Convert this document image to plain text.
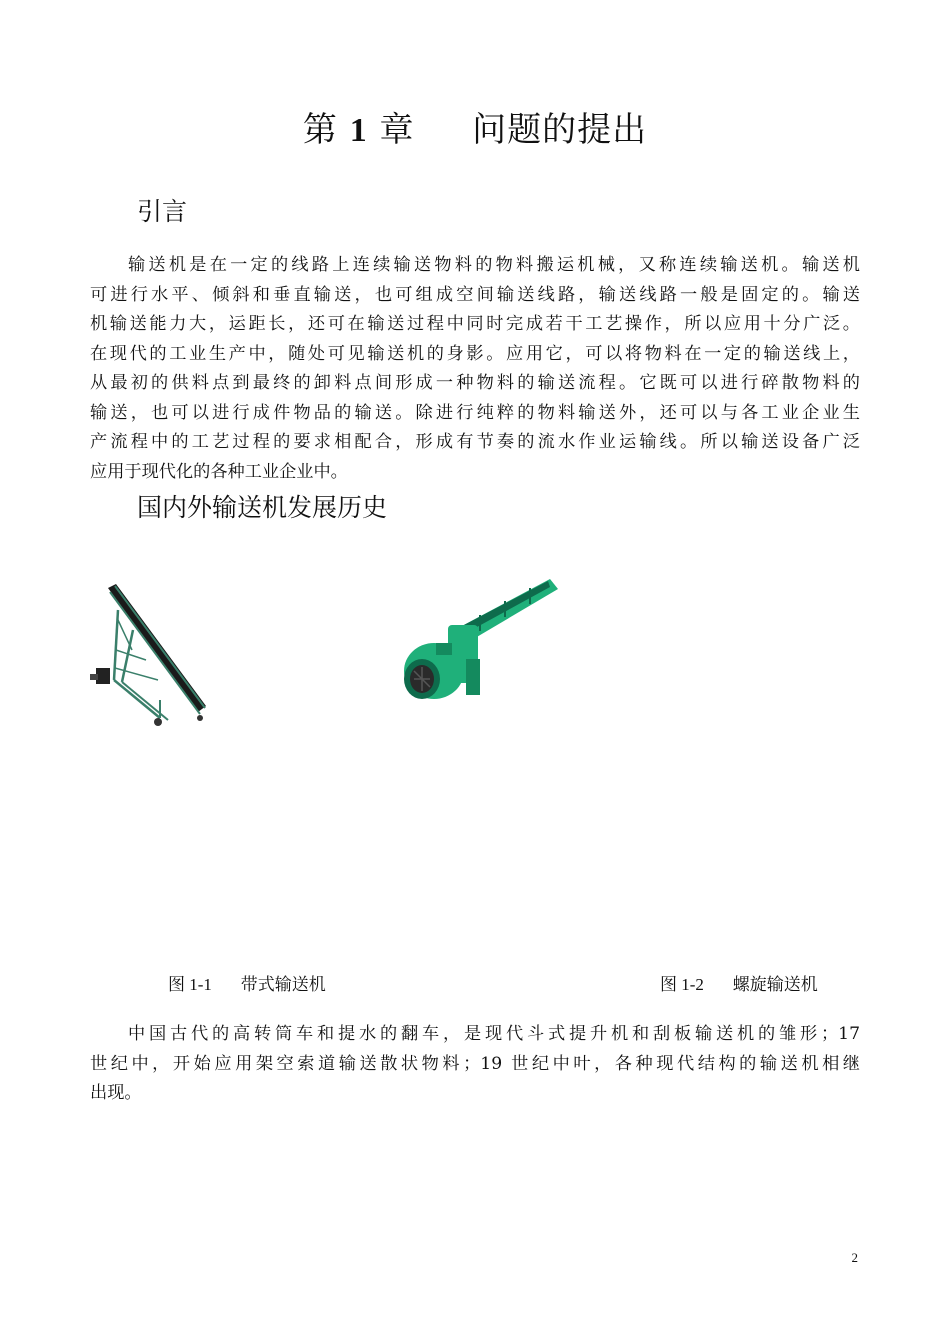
第 1 章 问题的提出
引言
输送机是在一定的线路上连续输送物料的物料搬运机械，又称连续输送机。输送机
可进行水平、倾斜和垂直输送，也可组成空间输送线路，输送线路一般是固定的。输送
机输送能力大，运距长，还可在输送过程中同时完成若干工艺操作，所以应用十分广泛。
在现代的工业生产中，随处可见输送机的身影。应用它，可以将物料在一定的输送线上，
从最初的供料点到最终的卸料点间形成一种物料的输送流程。它既可以进行碎散物料的
输送，也可以进行成件物品的输送。除进行纯粹的物料输送外，还可以与各工业企业生
产流程中的工艺过程的要求相配合，形成有节奏的流水作业运输线。所以输送设备广泛
应用于现代化的各种工业企业中。
国内外输送机发展历史
图 1-1 带式输送机	图 1-2 螺旋输送机
中国古代的高转筒车和提水的翻车，是现代斗式提升机和刮板输送机的雏形；17
世纪中，开始应用架空索道输送散状物料；19 世纪中叶，各种现代结构的输送机相继
出现。
2
